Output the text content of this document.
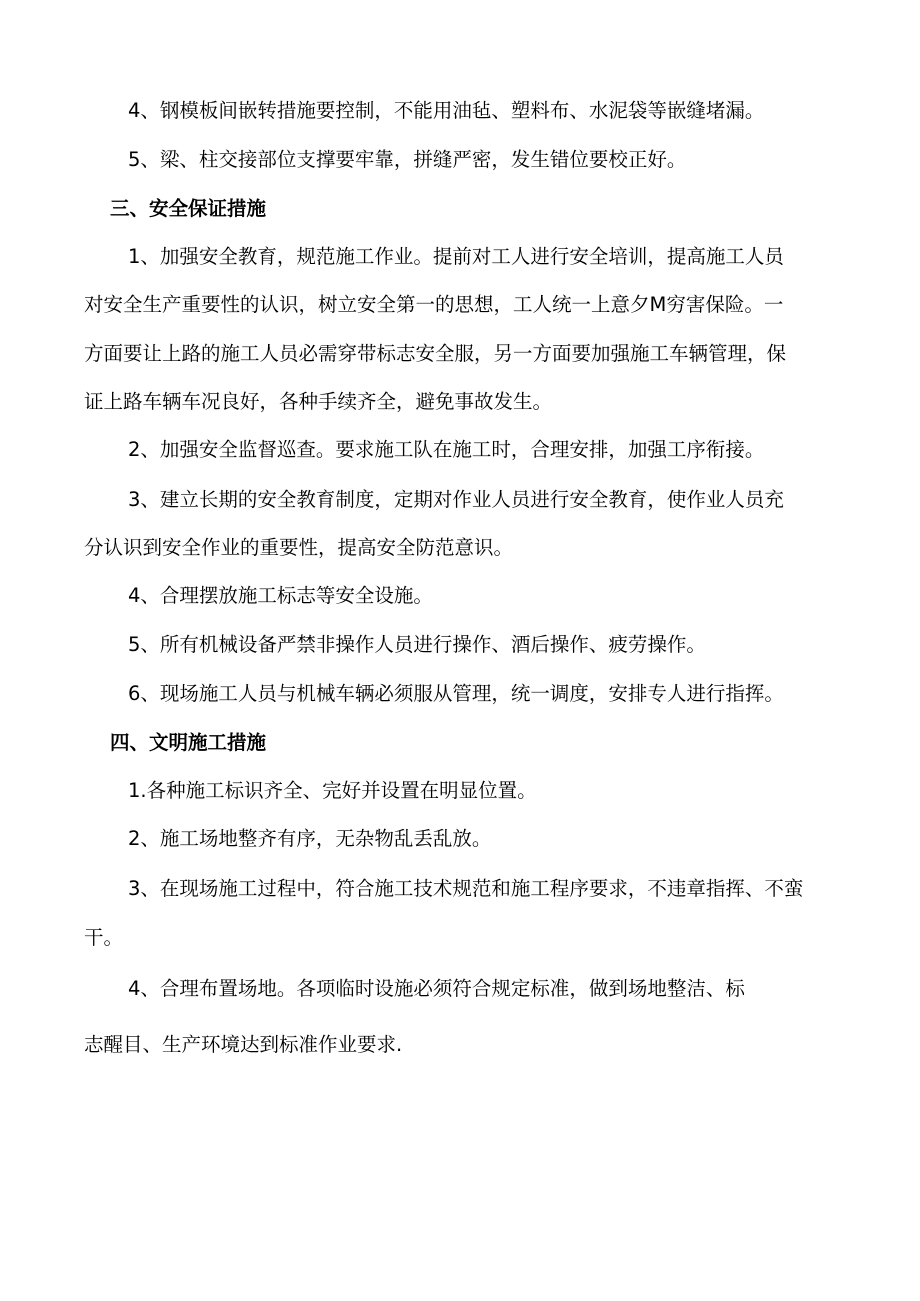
4、钢模板间嵌转措施要控制，不能用油毡、塑料布、水泥袋等嵌缝堵漏。
5、梁、柱交接部位支撑要牢靠，拼缝严密，发生错位要校正好。
三、安全保证措施
1、加强安全教育，规范施工作业。提前对工人进行安全培训，提高施工人员
对安全生产重要性的认识，树立安全第一的思想，工人统一上意夕M穷害保险。一
方面要让上路的施工人员必需穿带标志安全服，另一方面要加强施工车辆管理，保
证上路车辆车况良好，各种手续齐全，避免事故发生。
2、加强安全监督巡查。要求施工队在施工时，合理安排，加强工序衔接。
3、建立长期的安全教育制度，定期对作业人员进行安全教育，使作业人员充
分认识到安全作业的重要性，提高安全防范意识。
4、合理摆放施工标志等安全设施。
5、所有机械设备严禁非操作人员进行操作、酒后操作、疲劳操作。
6、现场施工人员与机械车辆必须服从管理，统一调度，安排专人进行指挥。
四、文明施工措施
1.各种施工标识齐全、完好并设置在明显位置。
2、施工场地整齐有序，无杂物乱丢乱放。
3、在现场施工过程中，符合施工技术规范和施工程序要求，不违章指挥、不蛮
干。
4、合理布置场地。各项临时设施必须符合规定标准，做到场地整洁、标
志醒目、生产环境达到标准作业要求.
